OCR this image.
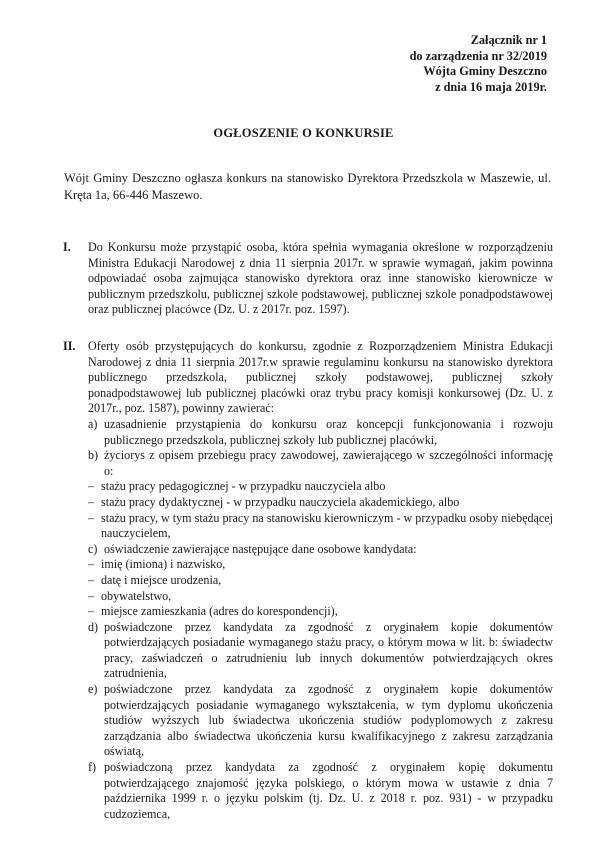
Załącznik nr 1
do zarządzenia nr 32/2019
Wójta Gminy Deszczno
z dnia 16 maja 2019r.
OGŁOSZENIE O KONKURSIE
Wójt Gminy Deszczno ogłasza konkurs na stanowisko Dyrektora Przedszkola w Maszewie, ul. Kręta 1a, 66-446 Maszewo.
I. Do Konkursu może przystąpić osoba, która spełnia wymagania określone w rozporządzeniu Ministra Edukacji Narodowej z dnia 11 sierpnia 2017r. w sprawie wymagań, jakim powinna odpowiadać osoba zajmująca stanowisko dyrektora oraz inne stanowisko kierownicze w publicznym przedszkolu, publicznej szkole podstawowej, publicznej szkole ponadpodstawowej oraz publicznej placówce (Dz. U. z 2017r. poz. 1597).
II. Oferty osób przystępujących do konkursu, zgodnie z Rozporządzeniem Ministra Edukacji Narodowej z dnia 11 sierpnia 2017r.w sprawie regulaminu konkursu na stanowisko dyrektora publicznego przedszkola, publicznej szkoły podstawowej, publicznej szkoły ponadpodstawowej lub publicznej placówki oraz trybu pracy komisji konkursowej (Dz. U. z 2017r., poz. 1587), powinny zawierać:
a) uzasadnienie przystąpienia do konkursu oraz koncepcji funkcjonowania i rozwoju publicznego przedszkola, publicznej szkoły lub publicznej placówki,
b) życiorys z opisem przebiegu pracy zawodowej, zawierającego w szczególności informację o:
– stażu pracy pedagogicznej - w przypadku nauczyciela albo
– stażu pracy dydaktycznej - w przypadku nauczyciela akademickiego, albo
– stażu pracy, w tym stażu pracy na stanowisku kierowniczym - w przypadku osoby niebędącej nauczycielem,
c) oświadczenie zawierające następujące dane osobowe kandydata:
– imię (imiona) i nazwisko,
– datę i miejsce urodzenia,
– obywatelstwo,
– miejsce zamieszkania (adres do korespondencji),
d) poświadczone przez kandydata za zgodność z oryginałem kopie dokumentów potwierdzających posiadanie wymaganego stażu pracy, o którym mowa w lit. b: świadectw pracy, zaświadczeń o zatrudnieniu lub innych dokumentów potwierdzających okres zatrudnienia,
e) poświadczone przez kandydata za zgodność z oryginałem kopie dokumentów potwierdzających posiadanie wymaganego wykształcenia, w tym dyplomu ukończenia studiów wyższych lub świadectwa ukończenia studiów podyplomowych z zakresu zarządzania albo świadectwa ukończenia kursu kwalifikacyjnego z zakresu zarządzania oświatą,
f) poświadczoną przez kandydata za zgodność z oryginałem kopię dokumentu potwierdzającego znajomość języka polskiego, o którym mowa w ustawie z dnia 7 października 1999 r. o języku polskim (tj. Dz. U. z 2018 r. poz. 931) - w przypadku cudzoziemca,
